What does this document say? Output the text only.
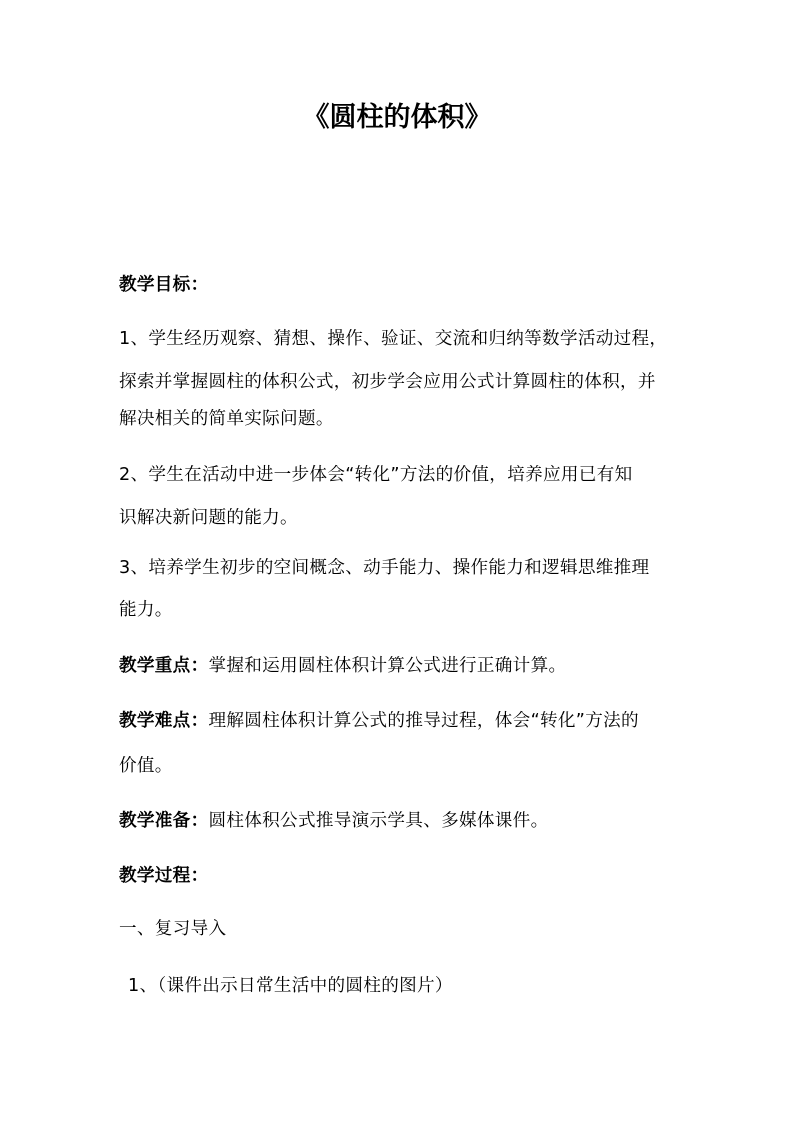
《圆柱的体积》
教学目标：
1、学生经历观察、猜想、操作、验证、交流和归纳等数学活动过程，
探索并掌握圆柱的体积公式，初步学会应用公式计算圆柱的体积，并
解决相关的简单实际问题。
2、学生在活动中进一步体会“转化”方法的价值，培养应用已有知
识解决新问题的能力。
3、培养学生初步的空间概念、动手能力、操作能力和逻辑思维推理
能力。
教学重点：掌握和运用圆柱体积计算公式进行正确计算。
教学难点：理解圆柱体积计算公式的推导过程，体会“转化”方法的
价值。
教学准备：圆柱体积公式推导演示学具、多媒体课件。
教学过程：
一、复习导入
1、（课件出示日常生活中的圆柱的图片）
